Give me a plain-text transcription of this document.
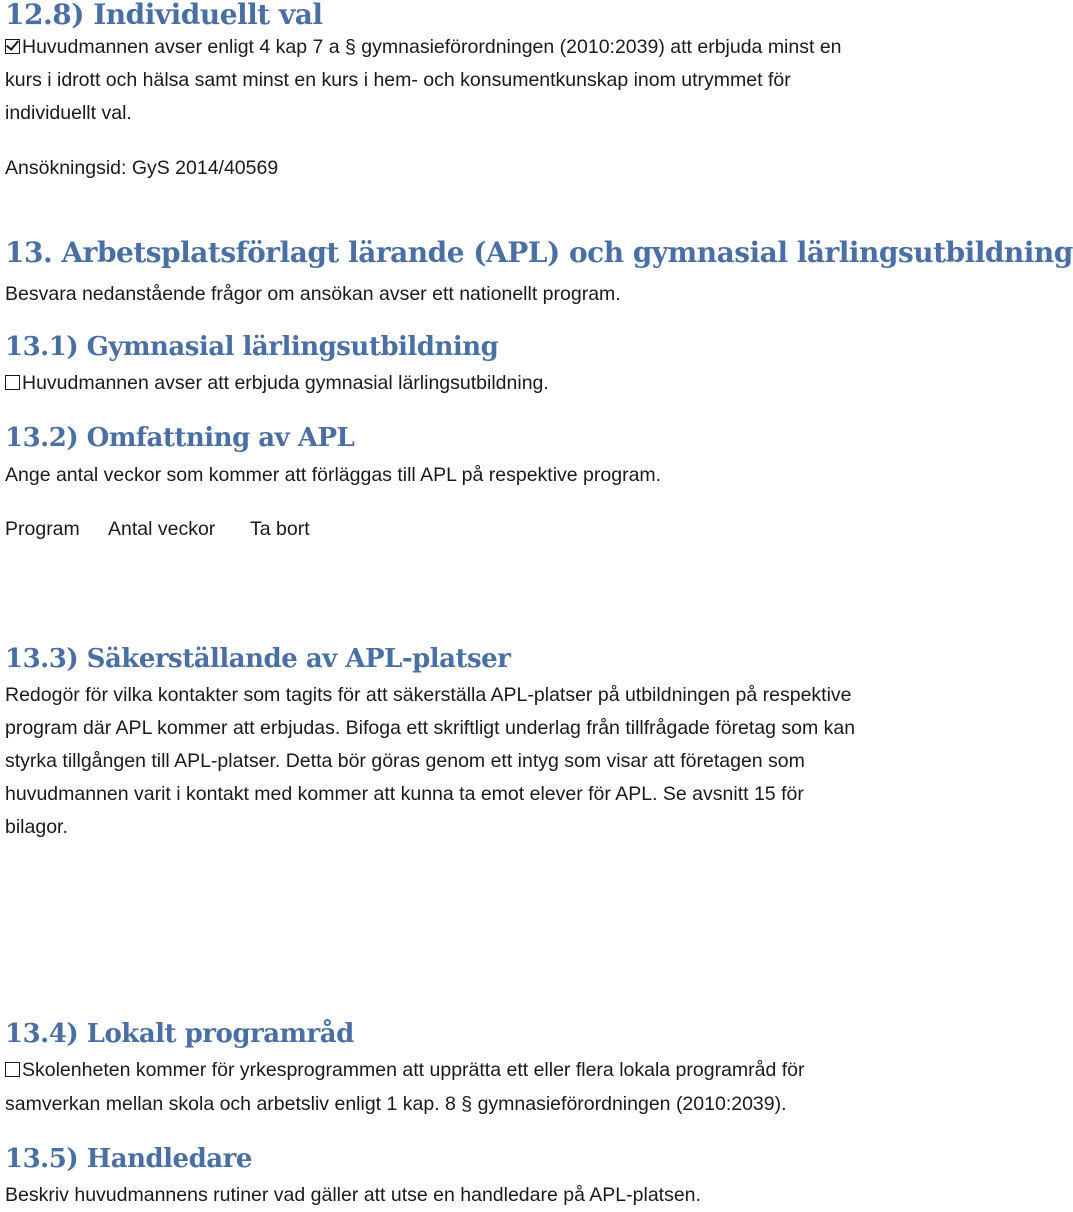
12.8) Individuellt val
Huvudmannen avser enligt 4 kap 7 a § gymnasieförordningen (2010:2039) att erbjuda minst en
kurs i idrott och hälsa samt minst en kurs i hem- och konsumentkunskap inom utrymmet för
individuellt val.
Ansökningsid: GyS 2014/40569
13. Arbetsplatsförlagt lärande (APL) och gymnasial lärlingsutbildning
Besvara nedanstående frågor om ansökan avser ett nationellt program.
13.1) Gymnasial lärlingsutbildning
Huvudmannen avser att erbjuda gymnasial lärlingsutbildning.
13.2) Omfattning av APL
Ange antal veckor som kommer att förläggas till APL på respektive program.
Program Antal veckor Ta bort
13.3) Säkerställande av APL-platser
Redogör för vilka kontakter som tagits för att säkerställa APL-platser på utbildningen på respektive
program där APL kommer att erbjudas. Bifoga ett skriftligt underlag från tillfrågade företag som kan
styrka tillgången till APL-platser. Detta bör göras genom ett intyg som visar att företagen som
huvudmannen varit i kontakt med kommer att kunna ta emot elever för APL. Se avsnitt 15 för
bilagor.
13.4) Lokalt programråd
Skolenheten kommer för yrkesprogrammen att upprätta ett eller flera lokala programråd för
samverkan mellan skola och arbetsliv enligt 1 kap. 8 § gymnasieförordningen (2010:2039).
13.5) Handledare
Beskriv huvudmannens rutiner vad gäller att utse en handledare på APL-platsen.
